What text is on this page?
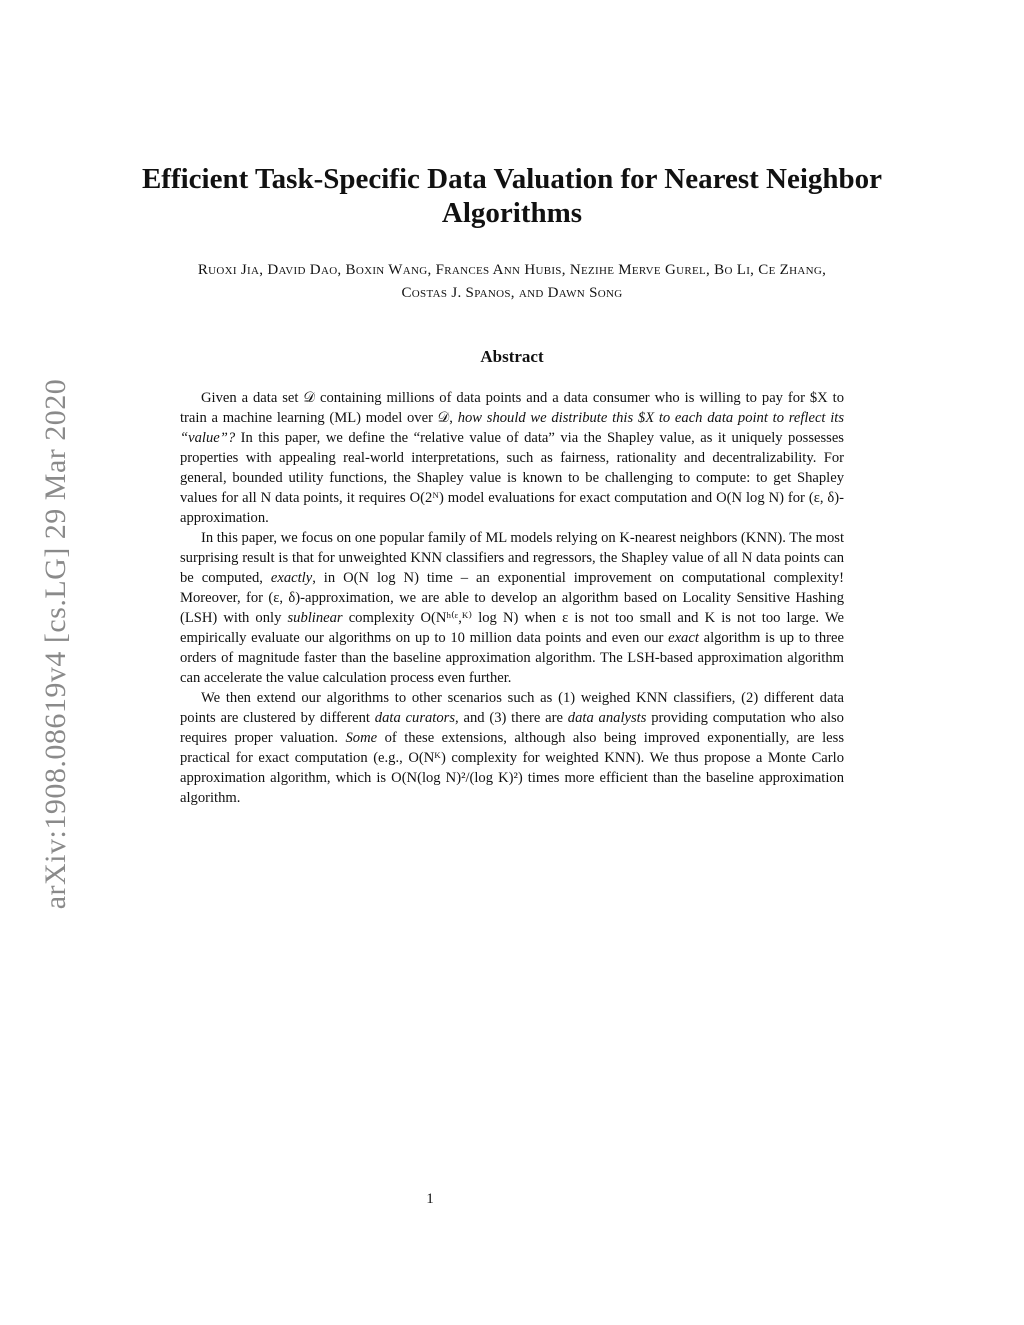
arXiv:1908.08619v4 [cs.LG] 29 Mar 2020
Efficient Task-Specific Data Valuation for Nearest Neighbor Algorithms
Ruoxi Jia, David Dao, Boxin Wang, Frances Ann Hubis, Nezihe Merve Gurel, Bo Li, Ce Zhang,
Costas J. Spanos, and Dawn Song
Abstract

Given a data set 𝒟 containing millions of data points and a data consumer who is willing to pay for $X to train a machine learning (ML) model over 𝒟, how should we distribute this $X to each data point to reflect its “value”? In this paper, we define the “relative value of data” via the Shapley value, as it uniquely possesses properties with appealing real-world interpretations, such as fairness, rationality and decentralizability. For general, bounded utility functions, the Shapley value is known to be challenging to compute: to get Shapley values for all N data points, it requires O(2ᴺ) model evaluations for exact computation and O(N log N) for (ε, δ)-approximation.

In this paper, we focus on one popular family of ML models relying on K-nearest neighbors (KNN). The most surprising result is that for unweighted KNN classifiers and regressors, the Shapley value of all N data points can be computed, exactly, in O(N log N) time – an exponential improvement on computational complexity! Moreover, for (ε, δ)-approximation, we are able to develop an algorithm based on Locality Sensitive Hashing (LSH) with only sublinear complexity O(Nʰ⁽ᵋ,ᴷ⁾ log N) when ε is not too small and K is not too large. We empirically evaluate our algorithms on up to 10 million data points and even our exact algorithm is up to three orders of magnitude faster than the baseline approximation algorithm. The LSH-based approximation algorithm can accelerate the value calculation process even further.

We then extend our algorithms to other scenarios such as (1) weighed KNN classifiers, (2) different data points are clustered by different data curators, and (3) there are data analysts providing computation who also requires proper valuation. Some of these extensions, although also being improved exponentially, are less practical for exact computation (e.g., O(Nᴷ) complexity for weighted KNN). We thus propose a Monte Carlo approximation algorithm, which is O(N(log N)²/(log K)²) times more efficient than the baseline approximation algorithm.

1
